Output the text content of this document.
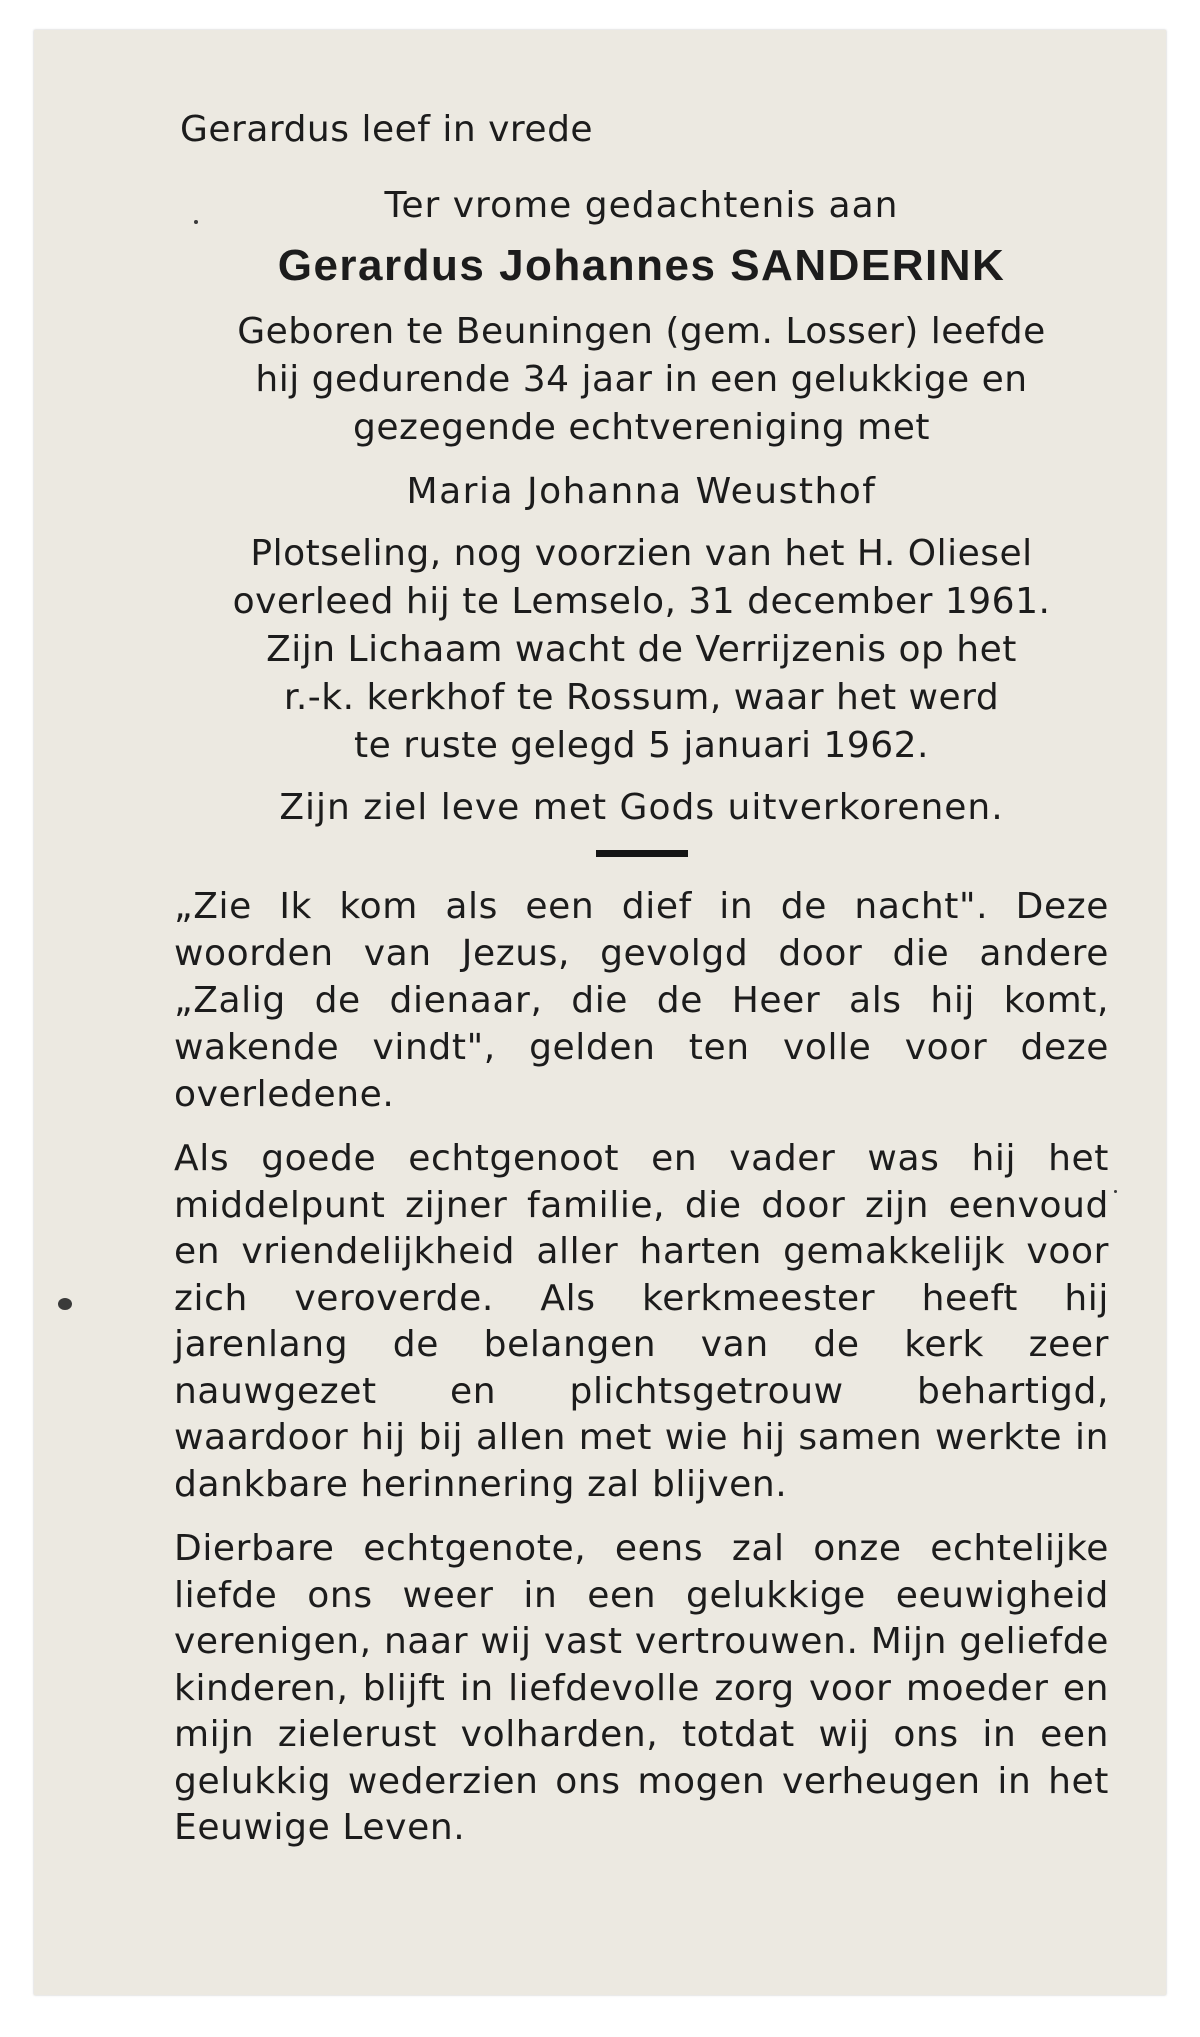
Gerardus leef in vrede
Ter vrome gedachtenis aan
Gerardus Johannes SANDERINK
Geboren te Beuningen (gem. Losser) leefde
hij gedurende 34 jaar in een gelukkige en
gezegende echtvereniging met
Maria Johanna Weusthof
Plotseling, nog voorzien van het H. Oliesel
overleed hij te Lemselo, 31 december 1961.
Zijn Lichaam wacht de Verrijzenis op het
r.-k. kerkhof te Rossum, waar het werd
te ruste gelegd 5 januari 1962.
Zijn ziel leve met Gods uitverkorenen.

„Zie Ik kom als een dief in de nacht". Deze woorden van Jezus, gevolgd door die andere „Zalig de dienaar, die de Heer als hij komt, wakende vindt", gelden ten volle voor deze overledene.

Als goede echtgenoot en vader was hij het middelpunt zijner familie, die door zijn eenvoud en vriendelijkheid aller harten gemakkelijk voor zich veroverde. Als kerkmeester heeft hij jarenlang de belangen van de kerk zeer nauwgezet en plichtsgetrouw behartigd, waardoor hij bij allen met wie hij samen werkte in dankbare herinnering zal blijven.

Dierbare echtgenote, eens zal onze echtelijke liefde ons weer in een gelukkige eeuwigheid verenigen, naar wij vast vertrouwen. Mijn geliefde kinderen, blijft in liefdevolle zorg voor moeder en mijn zielerust volharden, totdat wij ons in een gelukkig wederzien ons mogen verheugen in het Eeuwige Leven.
